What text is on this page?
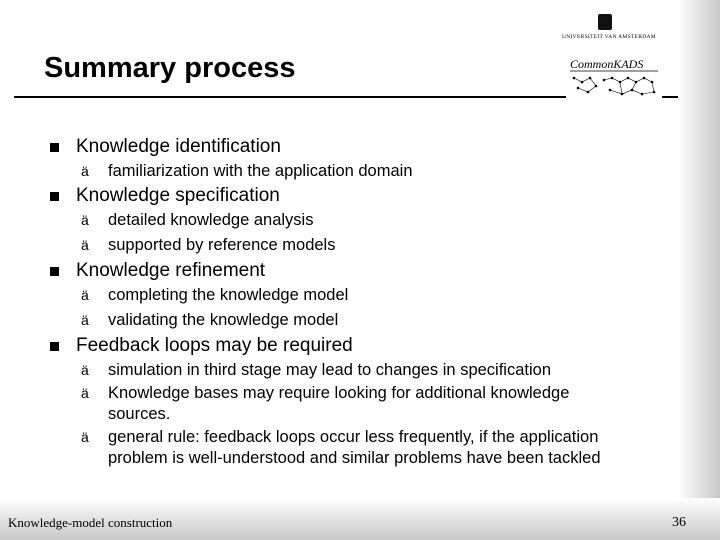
Summary process
UNIVERSITEIT VAN AMSTERDAM
CommonKADS
Knowledge identification
ä familiarization with the application domain
Knowledge specification
ä detailed knowledge analysis
ä supported by reference models
Knowledge refinement
ä completing the knowledge model
ä validating the knowledge model
Feedback loops may be required
ä simulation in third stage may lead to changes in specification
ä Knowledge bases may require looking for additional knowledge sources.
ä general rule: feedback loops occur less frequently, if the application problem is well-understood and similar problems have been tackled
Knowledge-model construction	36
